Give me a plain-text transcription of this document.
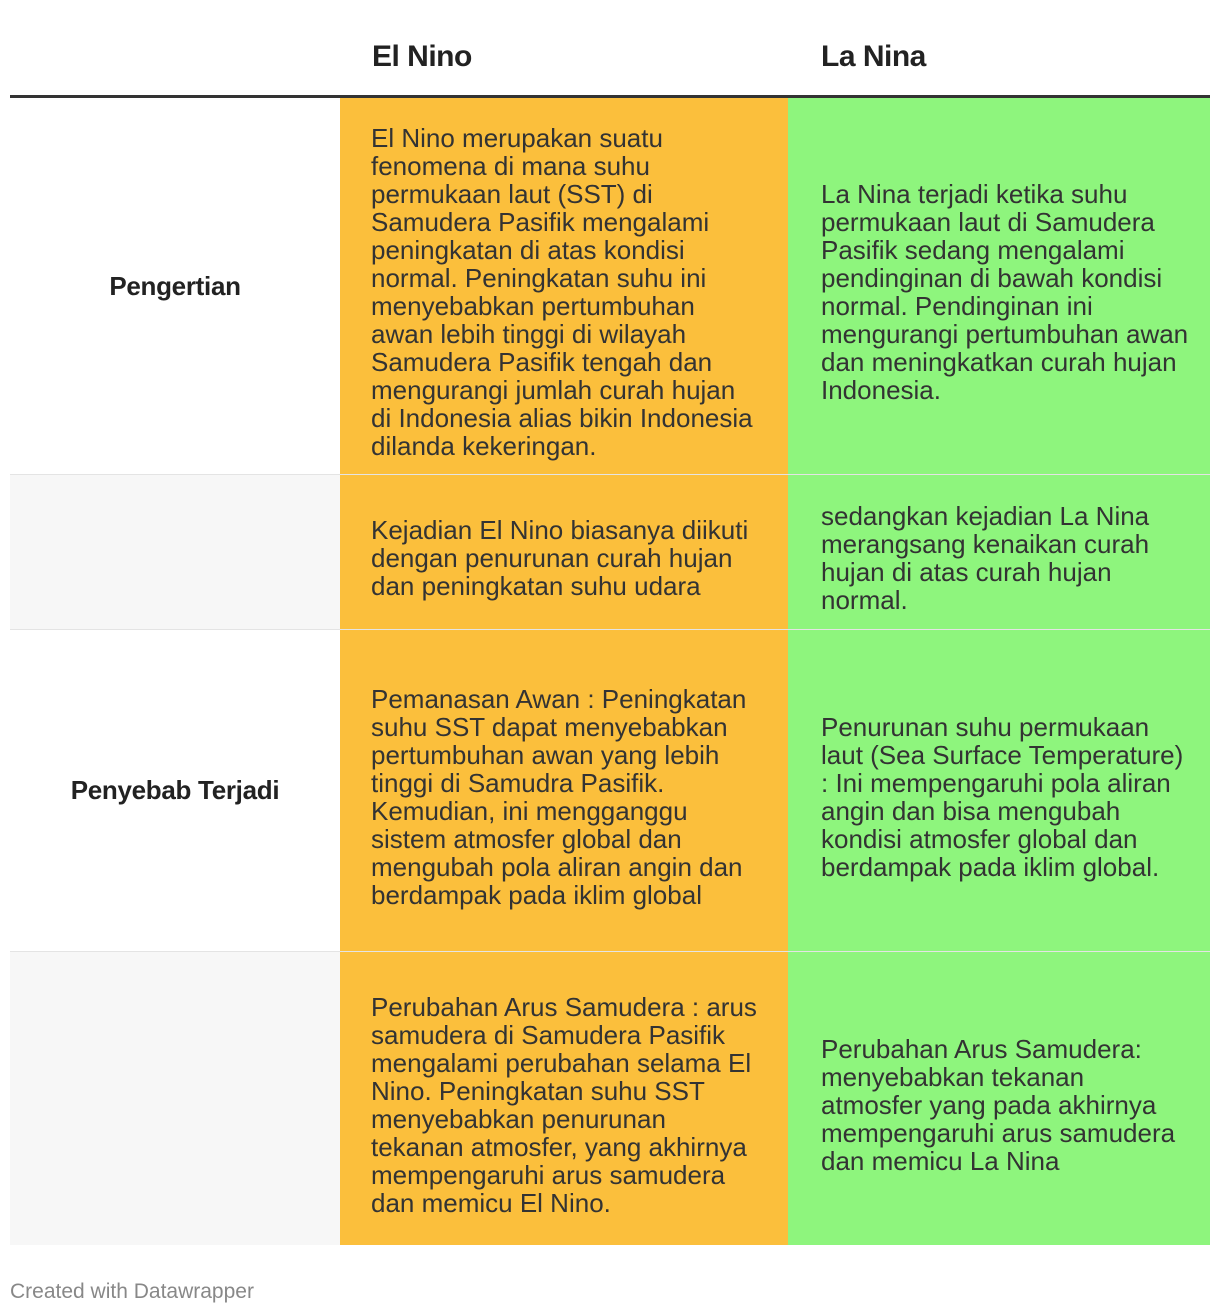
El Nino	La Nina
Pengertian
El Nino merupakan suatu fenomena di mana suhu permukaan laut (SST) di Samudera Pasifik mengalami peningkatan di atas kondisi normal. Peningkatan suhu ini menyebabkan pertumbuhan awan lebih tinggi di wilayah Samudera Pasifik tengah dan mengurangi jumlah curah hujan di Indonesia alias bikin Indonesia dilanda kekeringan.
La Nina terjadi ketika suhu permukaan laut di Samudera Pasifik sedang mengalami pendinginan di bawah kondisi normal. Pendinginan ini mengurangi pertumbuhan awan dan meningkatkan curah hujan Indonesia.
Kejadian El Nino biasanya diikuti dengan penurunan curah hujan dan peningkatan suhu udara
sedangkan kejadian La Nina merangsang kenaikan curah hujan di atas curah hujan normal.
Penyebab Terjadi
Pemanasan Awan : Peningkatan suhu SST dapat menyebabkan pertumbuhan awan yang lebih tinggi di Samudra Pasifik. Kemudian, ini mengganggu sistem atmosfer global dan mengubah pola aliran angin dan berdampak pada iklim global
Penurunan suhu permukaan laut (Sea Surface Temperature) : Ini mempengaruhi pola aliran angin dan bisa mengubah kondisi atmosfer global dan berdampak pada iklim global.
Perubahan Arus Samudera : arus samudera di Samudera Pasifik mengalami perubahan selama El Nino. Peningkatan suhu SST menyebabkan penurunan tekanan atmosfer, yang akhirnya mempengaruhi arus samudera dan memicu El Nino.
Perubahan Arus Samudera: menyebabkan tekanan atmosfer yang pada akhirnya mempengaruhi arus samudera dan memicu La Nina
Created with Datawrapper
